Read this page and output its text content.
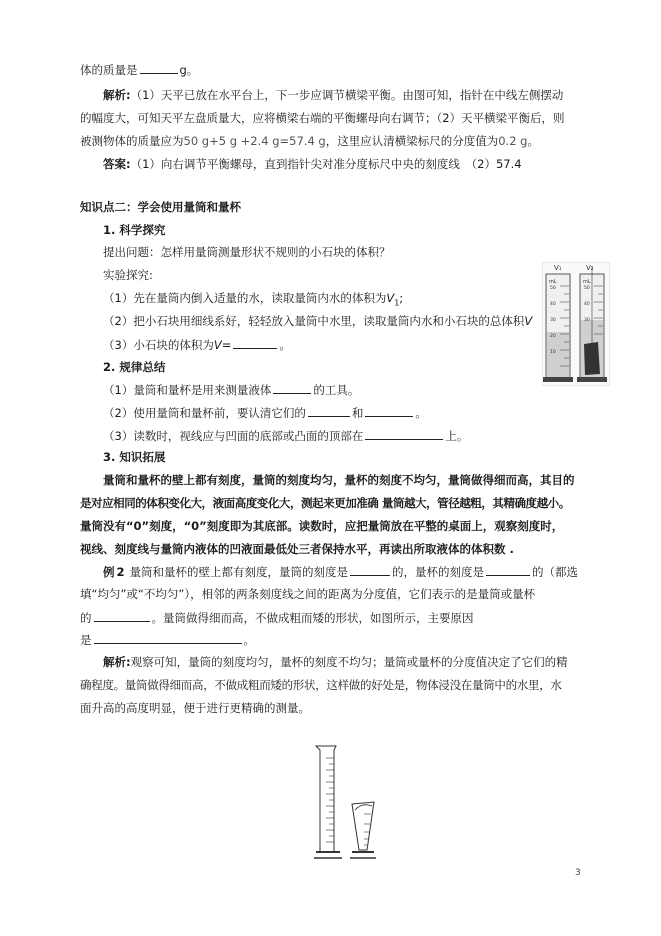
体的质量是	g。
解析:（1）天平已放在水平台上，下一步应调节横梁平衡。由图可知，指针在中线左侧摆动
的幅度大，可知天平左盘质量大，应将横梁右端的平衡螺母向右调节；（2）天平横梁平衡后，则
被测物体的质量应为50 g+5 g +2.4 g=57.4 g，这里应认清横梁标尺的分度值为0.2 g。
答案:（1）向右调节平衡螺母，直到指针尖对准分度标尺中央的刻度线　（2）57.4
知识点二：学会使用量筒和量杯
1. 科学探究
提出问题：怎样用量筒测量形状不规则的小石块的体积？
实验探究:
（1）先在量筒内倒入适量的水，读取量筒内水的体积为$V_1$;
（2）把小石块用细线系好，轻轻放入量筒中水里，读取量筒内水和小石块的总体积V
（3）小石块的体积为V=	。
2. 规律总结
（1）量筒和量杯是用来测量液体	的工具。
（2）使用量筒和量杯前，要认清它们的	和	。
（3）读数时，视线应与凹面的底部或凸面的顶部在	上。
3. 知识拓展
量筒和量杯的壁上都有刻度，量筒的刻度均匀，量杯的刻度不均匀，量筒做得细而高，其目的
是对应相同的体积变化大，液面高度变化大，测起来更加准确 量筒越大，管径越粗，其精确度越小。
量筒没有“0”刻度，“0”刻度即为其底部。读数时，应把量筒放在平整的桌面上，观察刻度时，
视线、刻度线与量筒内液体的凹液面最低处三者保持水平，再读出所取液体的体积数 .
例 2 量筒和量杯的壁上都有刻度，量筒的刻度是	的，量杯的刻度是	的（都选
填“均匀”或“不均匀”），相邻的两条刻度线之间的距离为分度值，它们表示的是量筒或量杯
的	。量筒做得细而高，不做成粗而矮的形状，如图所示，主要原因
是	。
解析:观察可知，量筒的刻度均匀，量杯的刻度不均匀；量筒或量杯的分度值决定了它们的精
确程度。量筒做得细而高，不做成粗而矮的形状，这样做的好处是，物体浸没在量筒中的水里，水
面升高的高度明显，便于进行更精确的测量。
V₁	V₂
mL
50
40
30
20
10
mL
50
40
30
3
